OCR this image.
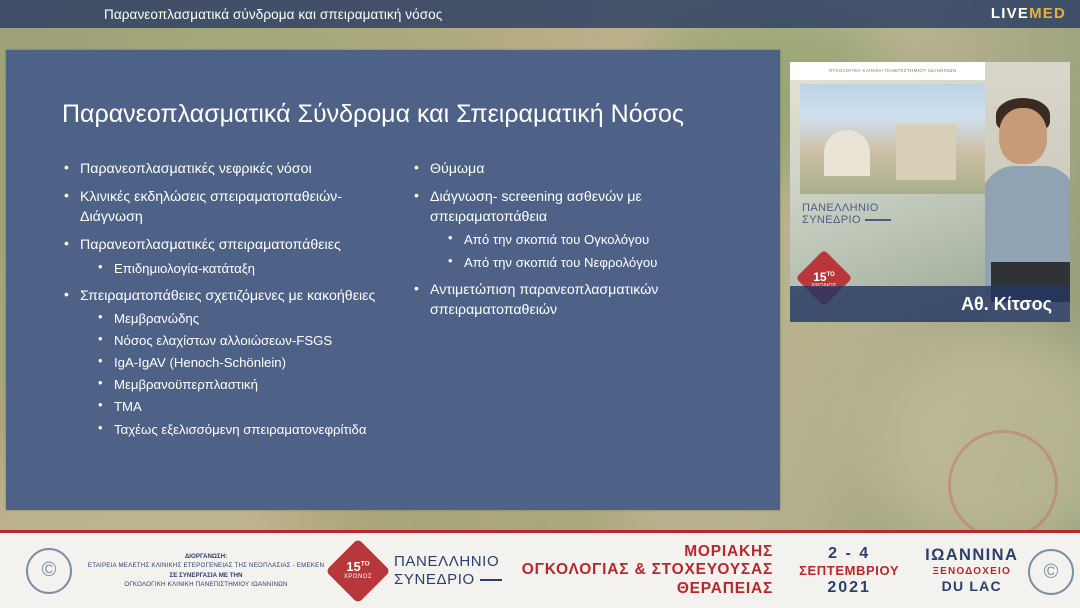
Παρανεοπλασματικά σύνδρομα και σπειραματική νόσος	LIVEMED
Παρανεοπλασματικά Σύνδρομα και Σπειραματική Νόσος
• Παρανεοπλασματικές νεφρικές νόσοι
• Κλινικές εκδηλώσεις σπειραματοπαθειών- Διάγνωση
• Παρανεοπλασματικές σπειραματοπάθειες
• Επιδημιολογία-κατάταξη
• Σπειραματοπάθειες σχετιζόμενες με κακοήθειες
• Μεμβρανώδης
• Νόσος ελαχίστων αλλοιώσεων-FSGS
• IgA-IgAV (Henoch-Schönlein)
• Μεμβρανοϋπερπλαστική
• TMA
• Ταχέως εξελισσόμενη σπειραματονεφρίτιδα
• Θύμωμα
• Διάγνωση- screening ασθενών με σπειραματοπάθεια
• Από την σκοπιά του Ογκολόγου
• Από την σκοπιά του Νεφρολόγου
• Αντιμετώπιση παρανεοπλασματικών σπειραματοπαθειών
ΟΓΚΟΛΟΓΙΚΗ ΚΛΙΝΙΚΗ ΠΑΝΕΠΙΣΤΗΜΙΟΥ ΙΩΑΝΝΙΝΩΝ
ΠΑΝΕΛΛΗΝΙΟ
ΣΥΝΕΔΡΙΟ
$15^{TO}$
Αθ. Κίτσος
©
ΔΙΟΡΓΑΝΩΣΗ:
ΕΤΑΙΡΕΙΑ ΜΕΛΕΤΗΣ ΚΛΙΝΙΚΗΣ ΕΤΕΡΟΓΕΝΕΙΑΣ ΤΗΣ ΝΕΟΠΛΑΣΙΑΣ - ΕΜΕΚΕΝ
ΣΕ ΣΥΝΕΡΓΑΣΙΑ ΜΕ ΤΗΝ
ΟΓΚΟΛΟΓΙΚΗ ΚΛΙΝΙΚΗ ΠΑΝΕΠΙΣΤΗΜΙΟΥ ΙΩΑΝΝΙΝΩΝ
$15^{TO}$
ΧΡΟΝΟΣ
ΠΑΝΕΛΛΗΝΙΟ
ΣΥΝΕΔΡΙΟ
ΜΟΡΙΑΚΗΣ
ΟΓΚΟΛΟΓΙΑΣ & ΣΤΟΧΕΥΟΥΣΑΣ
ΘΕΡΑΠΕΙΑΣ
2 - 4
ΣΕΠΤΕΜΒΡΙΟΥ
2021
ΙΩΑΝΝΙΝΑ
ΞΕΝΟΔΟΧΕΙΟ
DU LAC
©
